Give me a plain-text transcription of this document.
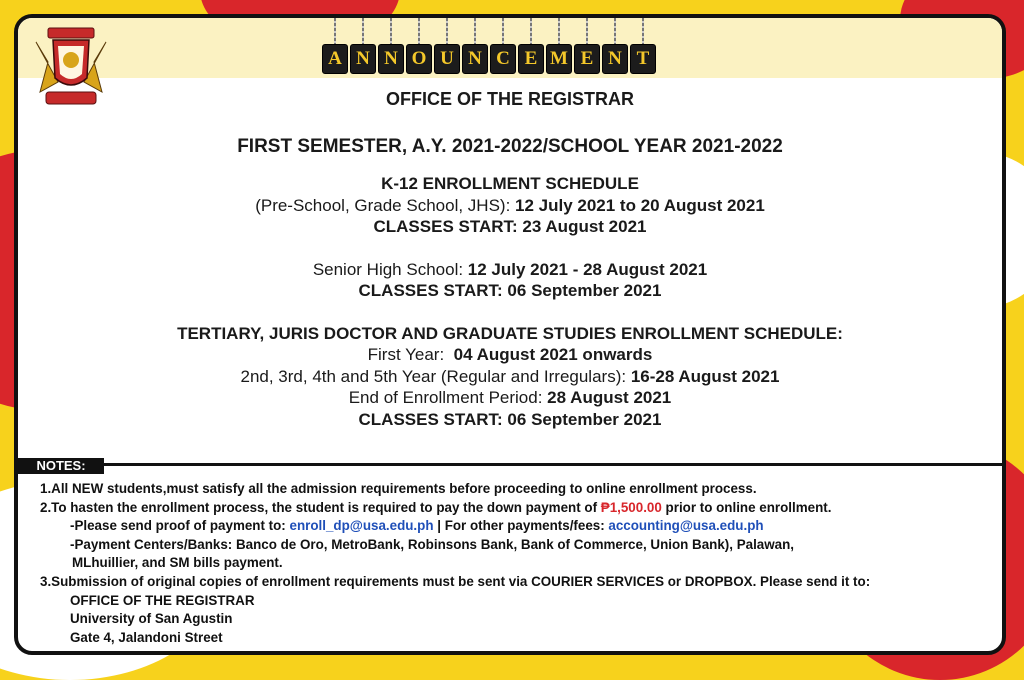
A N N O U N C E M E N T
OFFICE OF THE REGISTRAR
FIRST SEMESTER, A.Y. 2021-2022/SCHOOL YEAR 2021-2022
K-12 ENROLLMENT SCHEDULE
(Pre-School, Grade School, JHS): 12 July 2021 to 20 August 2021
CLASSES START: 23 August 2021
Senior High School: 12 July 2021 - 28 August 2021
CLASSES START: 06 September 2021
TERTIARY, JURIS DOCTOR AND GRADUATE STUDIES ENROLLMENT SCHEDULE:
First Year:  04 August 2021 onwards
2nd, 3rd, 4th and 5th Year (Regular and Irregulars): 16-28 August 2021
End of Enrollment Period: 28 August 2021
CLASSES START: 06 September 2021
NOTES:
1.All NEW students,must satisfy all the admission requirements before proceeding to online enrollment process.
2.To hasten the enrollment process, the student is required to pay the down payment of ₱1,500.00 prior to online enrollment.
-Please send proof of payment to: enroll_dp@usa.edu.ph | For other payments/fees: accounting@usa.edu.ph
-Payment Centers/Banks: Banco de Oro, MetroBank, Robinsons Bank, Bank of Commerce, Union Bank), Palawan,
MLhuillier, and SM bills payment.
3.Submission of original copies of enrollment requirements must be sent via COURIER SERVICES or DROPBOX. Please send it to:
OFFICE OF THE REGISTRAR
University of San Agustin
Gate 4, Jalandoni Street
